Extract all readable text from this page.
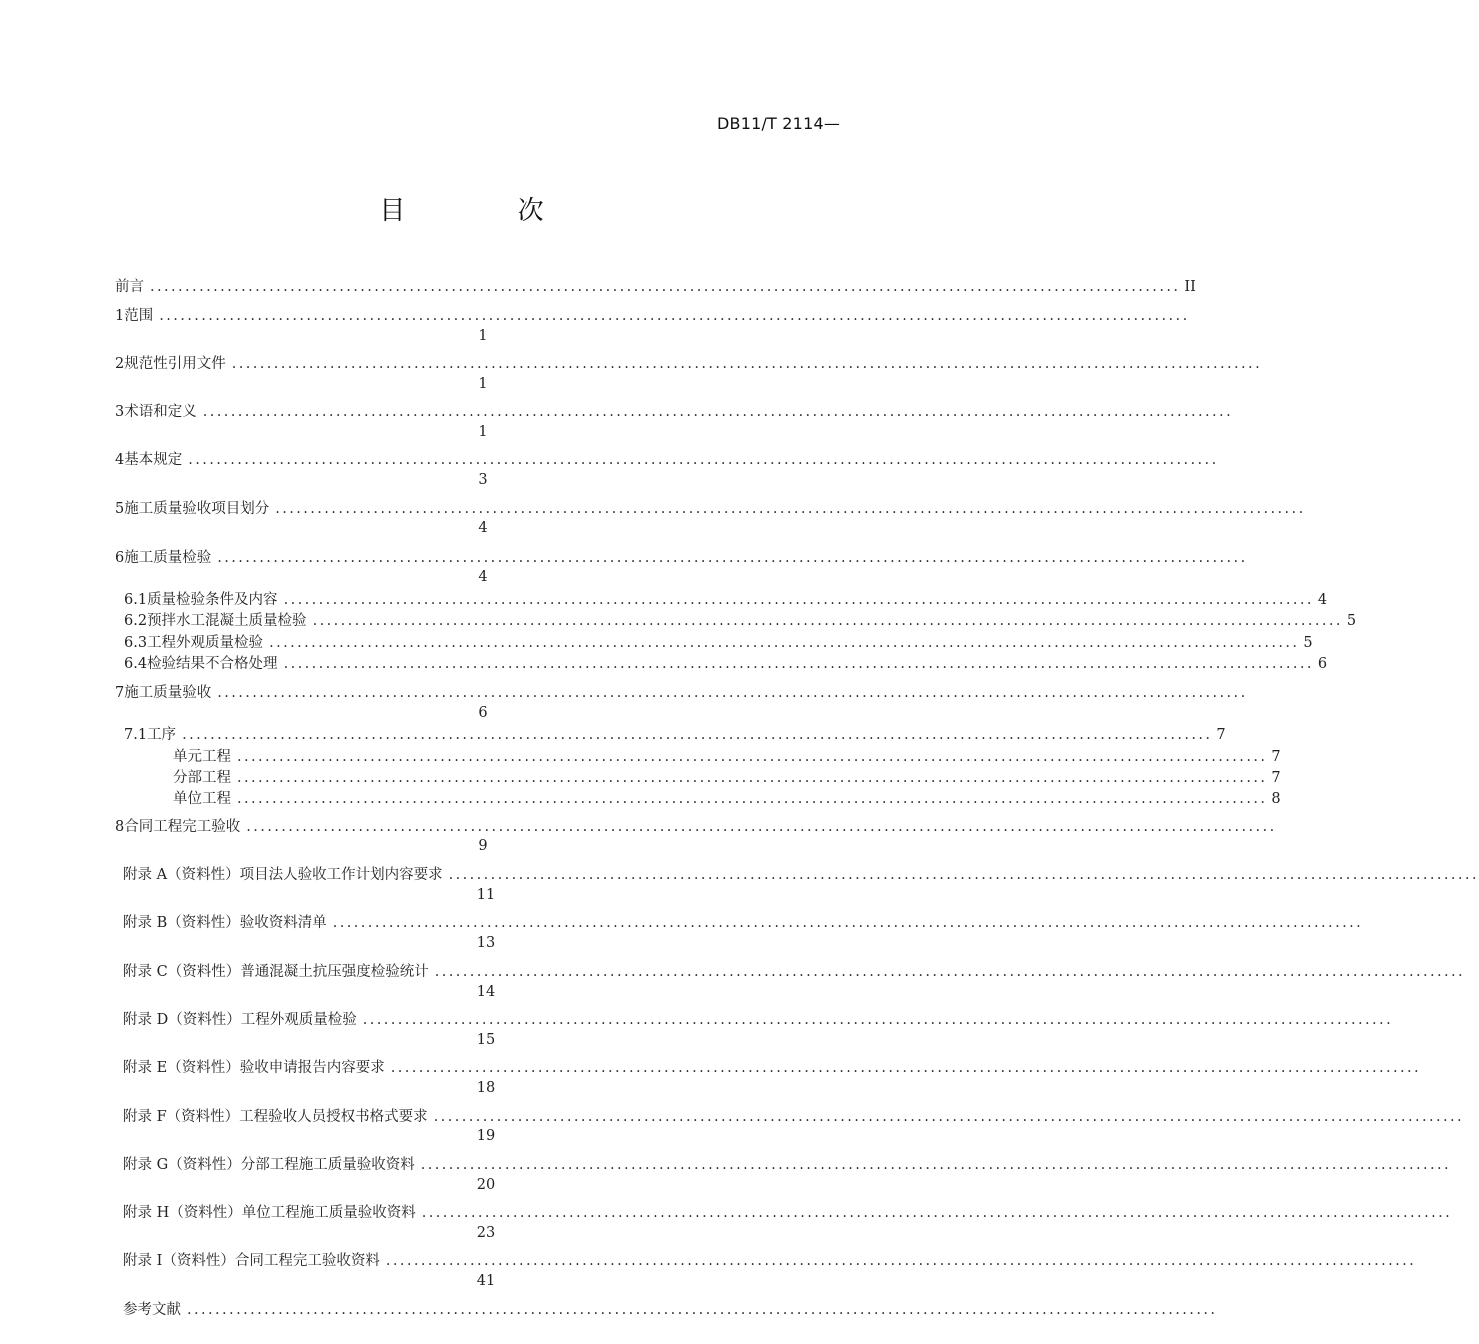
DB11/T 2114—
目 次
前言 ................................................................................................................................................... II
1 范围 ...................................................................................................................................................
1
2 规范性引用文件 ...................................................................................................................................................
1
3 术语和定义 ...................................................................................................................................................
1
4 基本规定 ...................................................................................................................................................
3
5 施工质量验收项目划分 ...................................................................................................................................................
4
6 施工质量检验 ...................................................................................................................................................
4
6.1 质量检验条件及内容 ................................................................................................................................................... 4
6.2 预拌水工混凝土质量检验 ................................................................................................................................................... 5
6.3 工程外观质量检验 ................................................................................................................................................... 5
6.4 检验结果不合格处理 ................................................................................................................................................... 6
7 施工质量验收 ...................................................................................................................................................
6
7.1 工序 ................................................................................................................................................... 7
单元工程 ................................................................................................................................................... 7
分部工程 ................................................................................................................................................... 7
单位工程 ................................................................................................................................................... 8
8 合同工程完工验收 ...................................................................................................................................................
9
附录 A（资料性） 项目法人验收工作计划内容要求 ...................................................................................................................................................
11
附录 B（资料性） 验收资料清单 ...................................................................................................................................................
13
附录 C（资料性） 普通混凝土抗压强度检验统计 ...................................................................................................................................................
14
附录 D（资料性） 工程外观质量检验 ...................................................................................................................................................
15
附录 E（资料性） 验收申请报告内容要求 ...................................................................................................................................................
18
附录 F（资料性） 工程验收人员授权书格式要求 ...................................................................................................................................................
19
附录 G（资料性） 分部工程施工质量验收资料 ...................................................................................................................................................
20
附录 H（资料性） 单位工程施工质量验收资料 ...................................................................................................................................................
23
附录 I（资料性） 合同工程完工验收资料 ...................................................................................................................................................
41
参考文献 ...................................................................................................................................................
